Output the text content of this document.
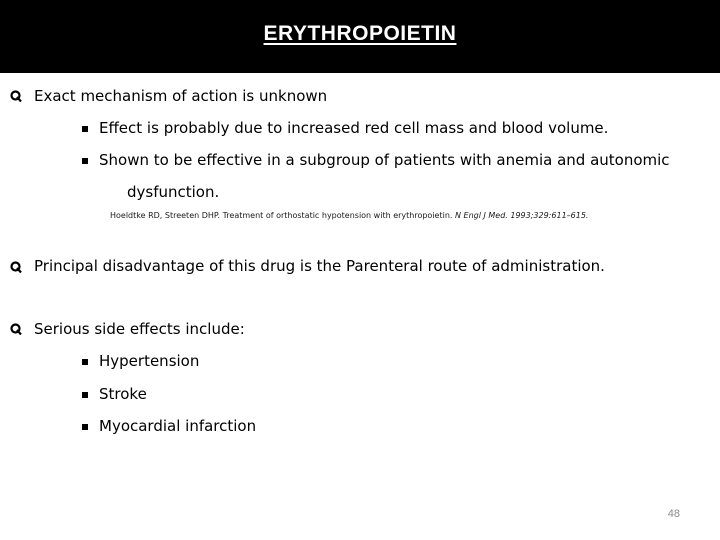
ERYTHROPOIETIN
Exact mechanism of action is unknown
Effect is probably due to increased red cell mass and blood volume.
Shown to be effective in a subgroup of patients with anemia and autonomic
dysfunction.
Hoeldtke RD, Streeten DHP. Treatment of orthostatic hypotension with erythropoietin. N Engl J Med. 1993;329:611–615.
Principal disadvantage of this drug is the Parenteral route of administration.
Serious side effects include:
Hypertension
Stroke
Myocardial infarction
48
